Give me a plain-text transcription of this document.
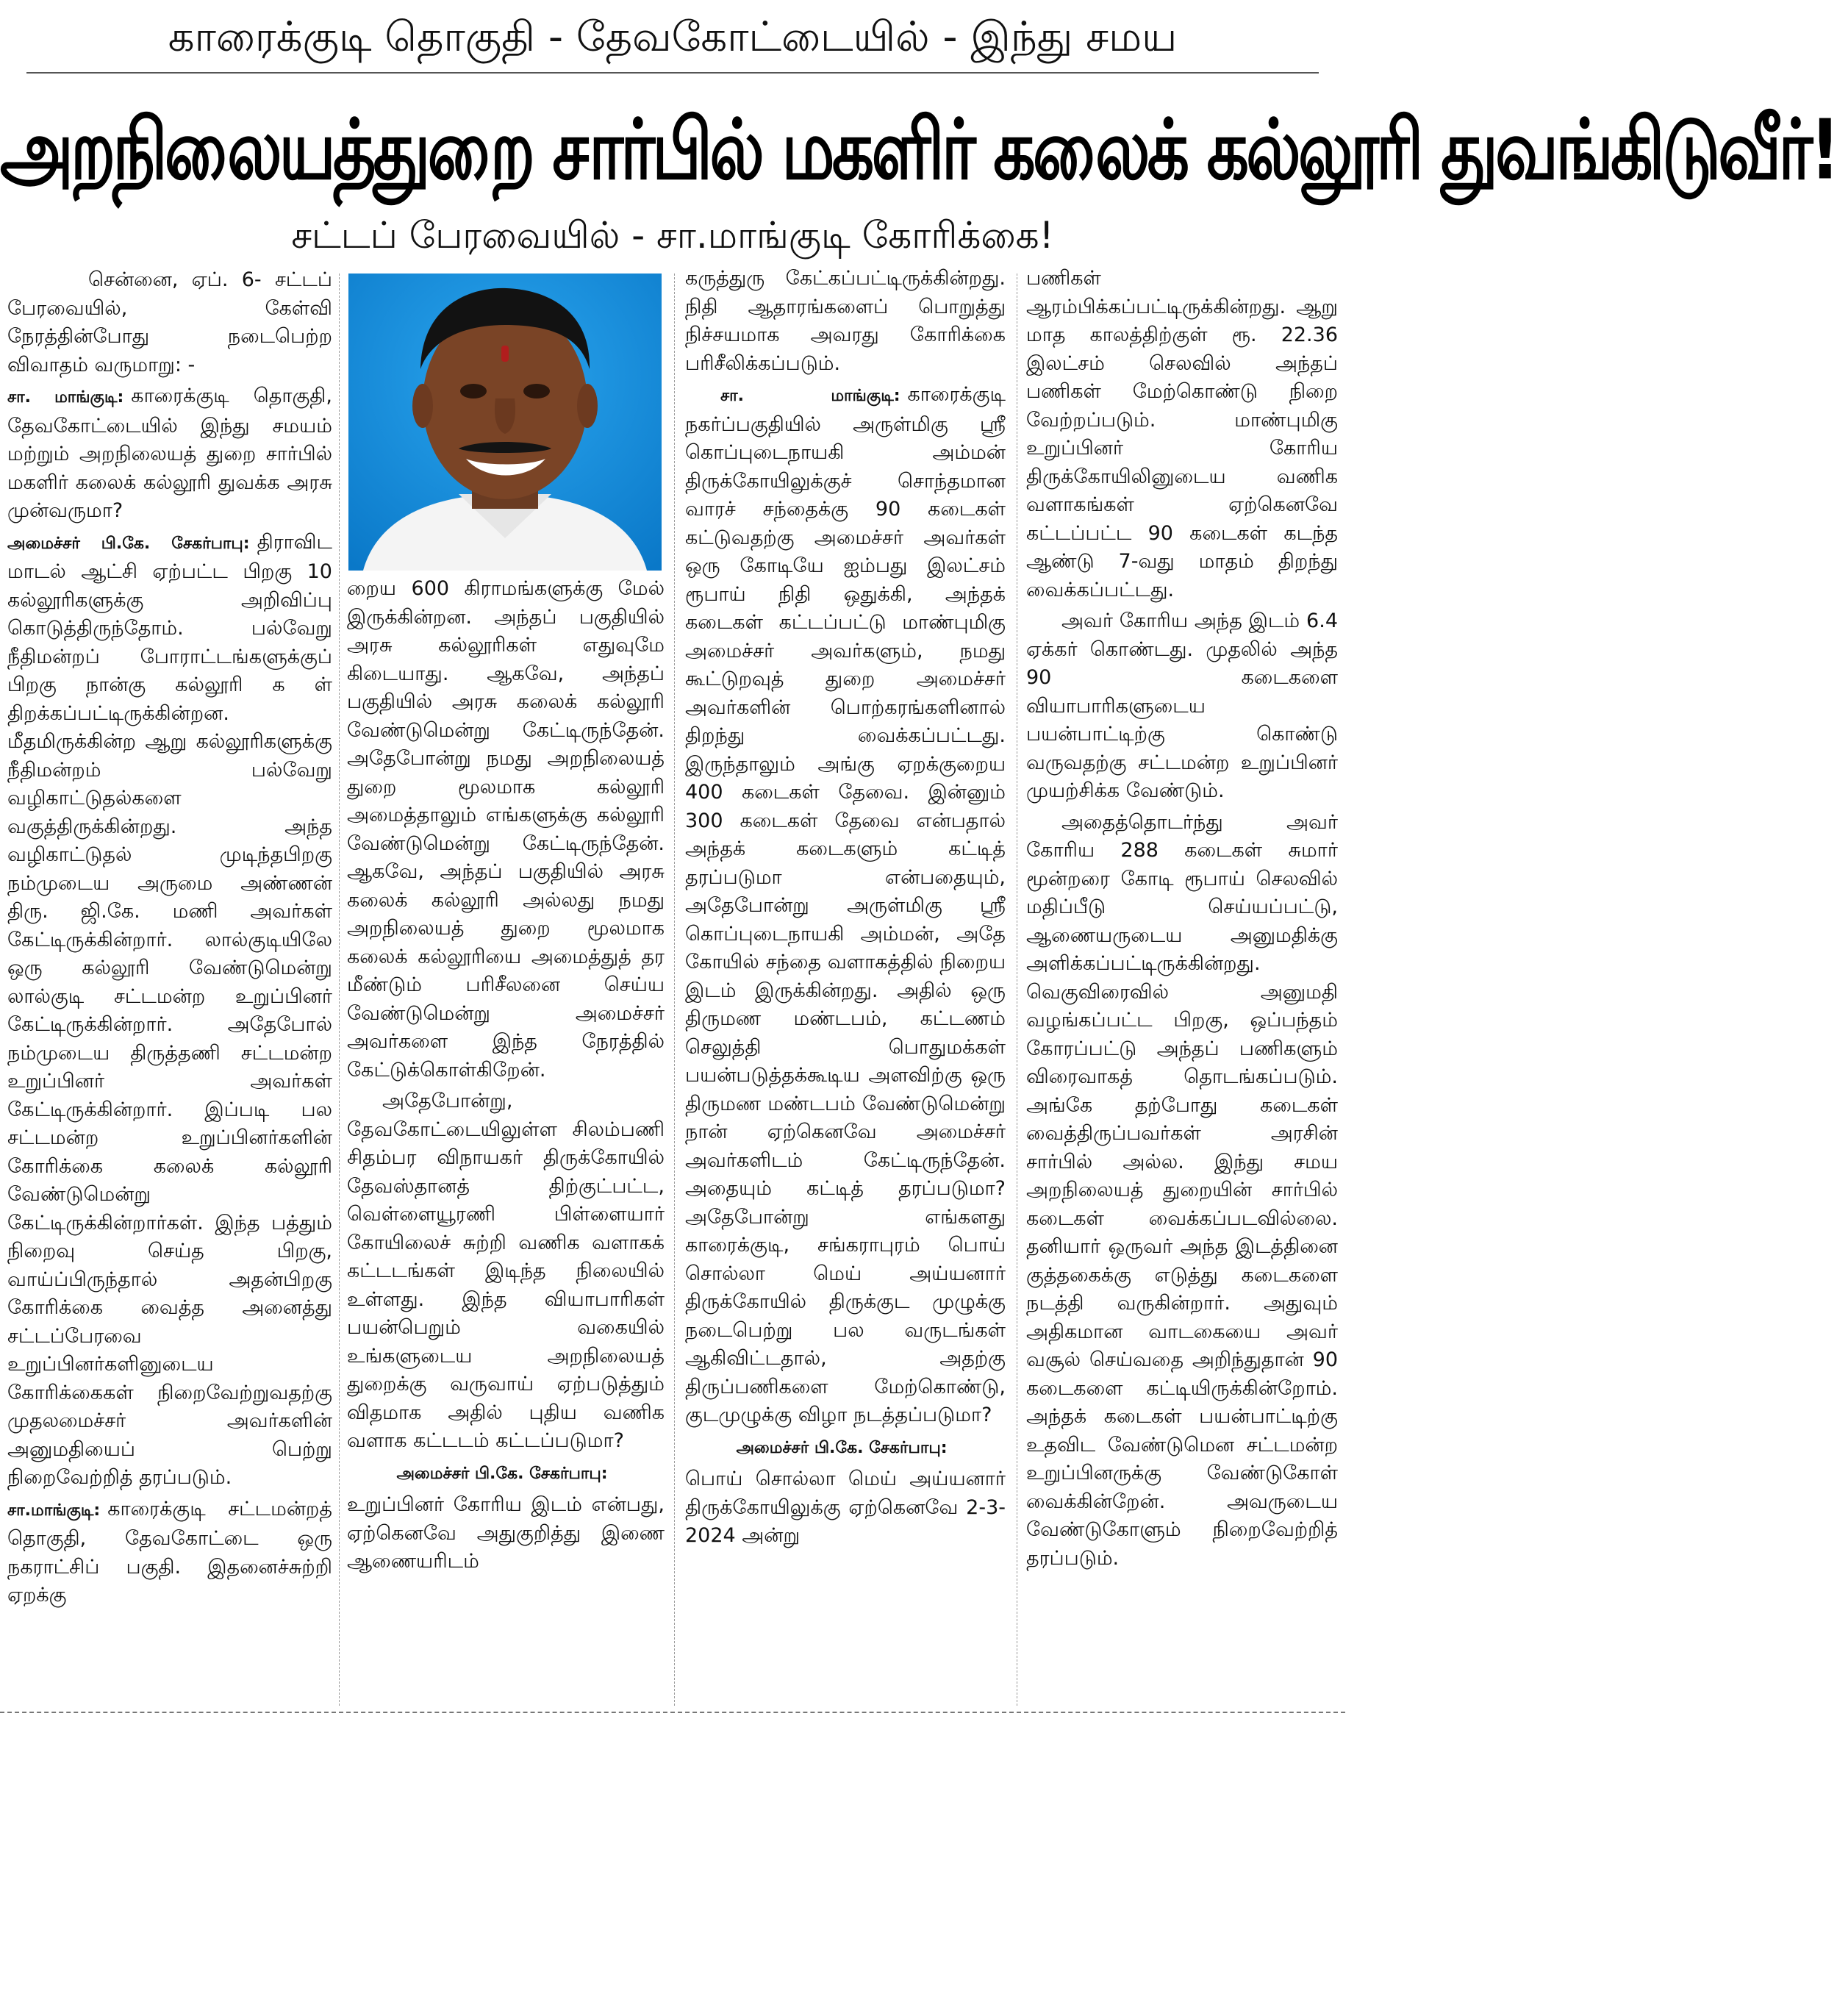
காரைக்குடி தொகுதி - தேவகோட்டையில் - இந்து சமய
அறநிலையத்துறை சார்பில் மகளிர் கலைக் கல்லூரி துவங்கிடுவீர்!
சட்டப் பேரவையில் - சா.மாங்குடி கோரிக்கை!

சென்னை, ஏப். 6- சட்டப் பேரவையில், கேள்வி நேரத்தின்போது நடைபெற்ற விவாதம் வருமாறு: -

சா. மாங்குடி: காரைக்குடி தொகுதி, தேவகோட்டையில் இந்து சமயம் மற்றும் அறநிலையத் துறை சார்பில் மகளிர் கலைக் கல்லூரி துவக்க அரசு முன்வருமா?

அமைச்சர் பி.கே. சேகர்பாபு: திராவிட மாடல் ஆட்சி ஏற்பட்ட பிறகு 10 கல்லூரிகளுக்கு அறிவிப்பு கொடுத்திருந்தோம். பல்வேறு நீதிமன்றப் போராட்டங்களுக்குப் பிறகு நான்கு கல்லூரி க ள் திறக்கப்பட்டிருக்கின்றன. மீதமிருக்கின்ற ஆறு கல்லூரிகளுக்கு நீதிமன்றம் பல்வேறு வழிகாட்டுதல்களை வகுத்திருக்கின்றது. அந்த வழிகாட்டுதல் முடிந்தபிறகு நம்முடைய அருமை அண்ணன் திரு. ஜி.கே. மணி அவர்கள் கேட்டிருக்கின்றார். லால்குடியிலே ஒரு கல்லூரி வேண்டுமென்று லால்குடி சட்டமன்ற உறுப்பினர் கேட்டிருக்கின்றார். அதேபோல் நம்முடைய திருத்தணி சட்டமன்ற உறுப்பினர் அவர்கள் கேட்டிருக்கின்றார். இப்படி பல சட்டமன்ற உறுப்பினர்களின் கோரிக்கை கலைக் கல்லூரி வேண்டுமென்று கேட்டிருக்கின்றார்கள். இந்த பத்தும் நிறைவு செய்த பிறகு, வாய்ப்பிருந்தால் அதன்பிறகு கோரிக்கை வைத்த அனைத்து சட்டப்பேரவை உறுப்பினர்களினுடைய கோரிக்கைகள் நிறைவேற்றுவதற்கு முதலமைச்சர் அவர்களின் அனுமதியைப் பெற்று நிறைவேற்றித் தரப்படும்.

சா.மாங்குடி: காரைக்குடி சட்டமன்றத் தொகுதி, தேவகோட்டை ஒரு நகராட்சிப் பகுதி. இதனைச்சுற்றி ஏறக்கு

றைய 600 கிராமங்களுக்கு மேல் இருக்கின்றன. அந்தப் பகுதியில் அரசு கல்லூரிகள் எதுவுமே கிடையாது. ஆகவே, அந்தப் பகுதியில் அரசு கலைக் கல்லூரி வேண்டுமென்று கேட்டிருந்தேன். அதேபோன்று நமது அறநிலையத் துறை மூலமாக கல்லூரி அமைத்தாலும் எங்களுக்கு கல்லூரி வேண்டுமென்று கேட்டிருந்தேன். ஆகவே, அந்தப் பகுதியில் அரசு கலைக் கல்லூரி அல்லது நமது அறநிலையத் துறை மூலமாக கலைக் கல்லூரியை அமைத்துத் தர மீண்டும் பரிசீலனை செய்ய வேண்டுமென்று அமைச்சர் அவர்களை இந்த நேரத்தில் கேட்டுக்கொள்கிறேன்.

அதேபோன்று, தேவகோட்டையிலுள்ள சிலம்பணி சிதம்பர விநாயகர் திருக்கோயில் தேவஸ்தானத் திற்குட்பட்ட, வெள்ளையூரணி பிள்ளையார் கோயிலைச் சுற்றி வணிக வளாகக் கட்டடங்கள் இடிந்த நிலையில் உள்ளது. இந்த வியாபாரிகள் பயன்பெறும் வகையில் உங்களுடைய அறநிலையத் துறைக்கு வருவாய் ஏற்படுத்தும் விதமாக அதில் புதிய வணிக வளாக கட்டடம் கட்டப்படுமா?

அமைச்சர் பி.கே. சேகர்பாபு:

உறுப்பினர் கோரிய இடம் என்பது, ஏற்கெனவே அதுகுறித்து இணை ஆணையரிடம்

கருத்துரு கேட்கப்பட்டிருக்கின்றது. நிதி ஆதாரங்களைப் பொறுத்து நிச்சயமாக அவரது கோரிக்கை பரிசீலிக்கப்படும்.

சா. மாங்குடி: காரைக்குடி நகர்ப்பகுதியில் அருள்மிகு ஸ்ரீ கொப்புடைநாயகி அம்மன் திருக்கோயிலுக்குச் சொந்தமான வாரச் சந்தைக்கு 90 கடைகள் கட்டுவதற்கு அமைச்சர் அவர்கள் ஒரு கோடியே ஐம்பது இலட்சம் ரூபாய் நிதி ஒதுக்கி, அந்தக் கடைகள் கட்டப்பட்டு மாண்புமிகு அமைச்சர் அவர்களும், நமது கூட்டுறவுத் துறை அமைச்சர் அவர்களின் பொற்கரங்களினால் திறந்து வைக்கப்பட்டது. இருந்தாலும் அங்கு ஏறக்குறைய 400 கடைகள் தேவை. இன்னும் 300 கடைகள் தேவை என்பதால் அந்தக் கடைகளும் கட்டித் தரப்படுமா என்பதையும், அதேபோன்று அருள்மிகு ஸ்ரீ கொப்புடைநாயகி அம்மன், அதே கோயில் சந்தை வளாகத்தில் நிறைய இடம் இருக்கின்றது. அதில் ஒரு திருமண மண்டபம், கட்டணம் செலுத்தி பொதுமக்கள் பயன்படுத்தக்கூடிய அளவிற்கு ஒரு திருமண மண்டபம் வேண்டுமென்று நான் ஏற்கெனவே அமைச்சர் அவர்களிடம் கேட்டிருந்தேன். அதையும் கட்டித் தரப்படுமா? அதேபோன்று எங்களது காரைக்குடி, சங்கராபுரம் பொய் சொல்லா மெய் அய்யனார் திருக்கோயில் திருக்குட முழுக்கு நடைபெற்று பல வருடங்கள் ஆகிவிட்டதால், அதற்கு திருப்பணிகளை மேற்கொண்டு, குடமுழுக்கு விழா நடத்தப்படுமா?

அமைச்சர் பி.கே. சேகர்பாபு:

பொய் சொல்லா மெய் அய்யனார் திருக்கோயிலுக்கு ஏற்கெனவே 2-3-2024 அன்று

பணிகள் ஆரம்பிக்கப்பட்டிருக்கின்றது. ஆறு மாத காலத்திற்குள் ரூ. 22.36 இலட்சம் செலவில் அந்தப் பணிகள் மேற்கொண்டு நிறை வேற்றப்படும். மாண்புமிகு உறுப்பினர் கோரிய திருக்கோயிலினுடைய வணிக வளாகங்கள் ஏற்கெனவே கட்டப்பட்ட 90 கடைகள் கடந்த ஆண்டு 7-வது மாதம் திறந்து வைக்கப்பட்டது.

அவர் கோரிய அந்த இடம் 6.4 ஏக்கர் கொண்டது. முதலில் அந்த 90 கடைகளை வியாபாரிகளுடைய பயன்பாட்டிற்கு கொண்டு வருவதற்கு சட்டமன்ற உறுப்பினர் முயற்சிக்க வேண்டும்.

அதைத்தொடர்ந்து அவர் கோரிய 288 கடைகள் சுமார் மூன்றரை கோடி ரூபாய் செலவில் மதிப்பீடு செய்யப்பட்டு, ஆணையருடைய அனுமதிக்கு அளிக்கப்பட்டிருக்கின்றது. வெகுவிரைவில் அனுமதி வழங்கப்பட்ட பிறகு, ஒப்பந்தம் கோரப்பட்டு அந்தப் பணிகளும் விரைவாகத் தொடங்கப்படும். அங்கே தற்போது கடைகள் வைத்திருப்பவர்கள் அரசின் சார்பில் அல்ல. இந்து சமய அறநிலையத் துறையின் சார்பில் கடைகள் வைக்கப்படவில்லை. தனியார் ஒருவர் அந்த இடத்தினை குத்தகைக்கு எடுத்து கடைகளை நடத்தி வருகின்றார். அதுவும் அதிகமான வாடகையை அவர் வசூல் செய்வதை அறிந்துதான் 90 கடைகளை கட்டியிருக்கின்றோம். அந்தக் கடைகள் பயன்பாட்டிற்கு உதவிட வேண்டுமென சட்டமன்ற உறுப்பினருக்கு வேண்டுகோள் வைக்கின்றேன். அவருடைய வேண்டுகோளும் நிறைவேற்றித் தரப்படும்.
